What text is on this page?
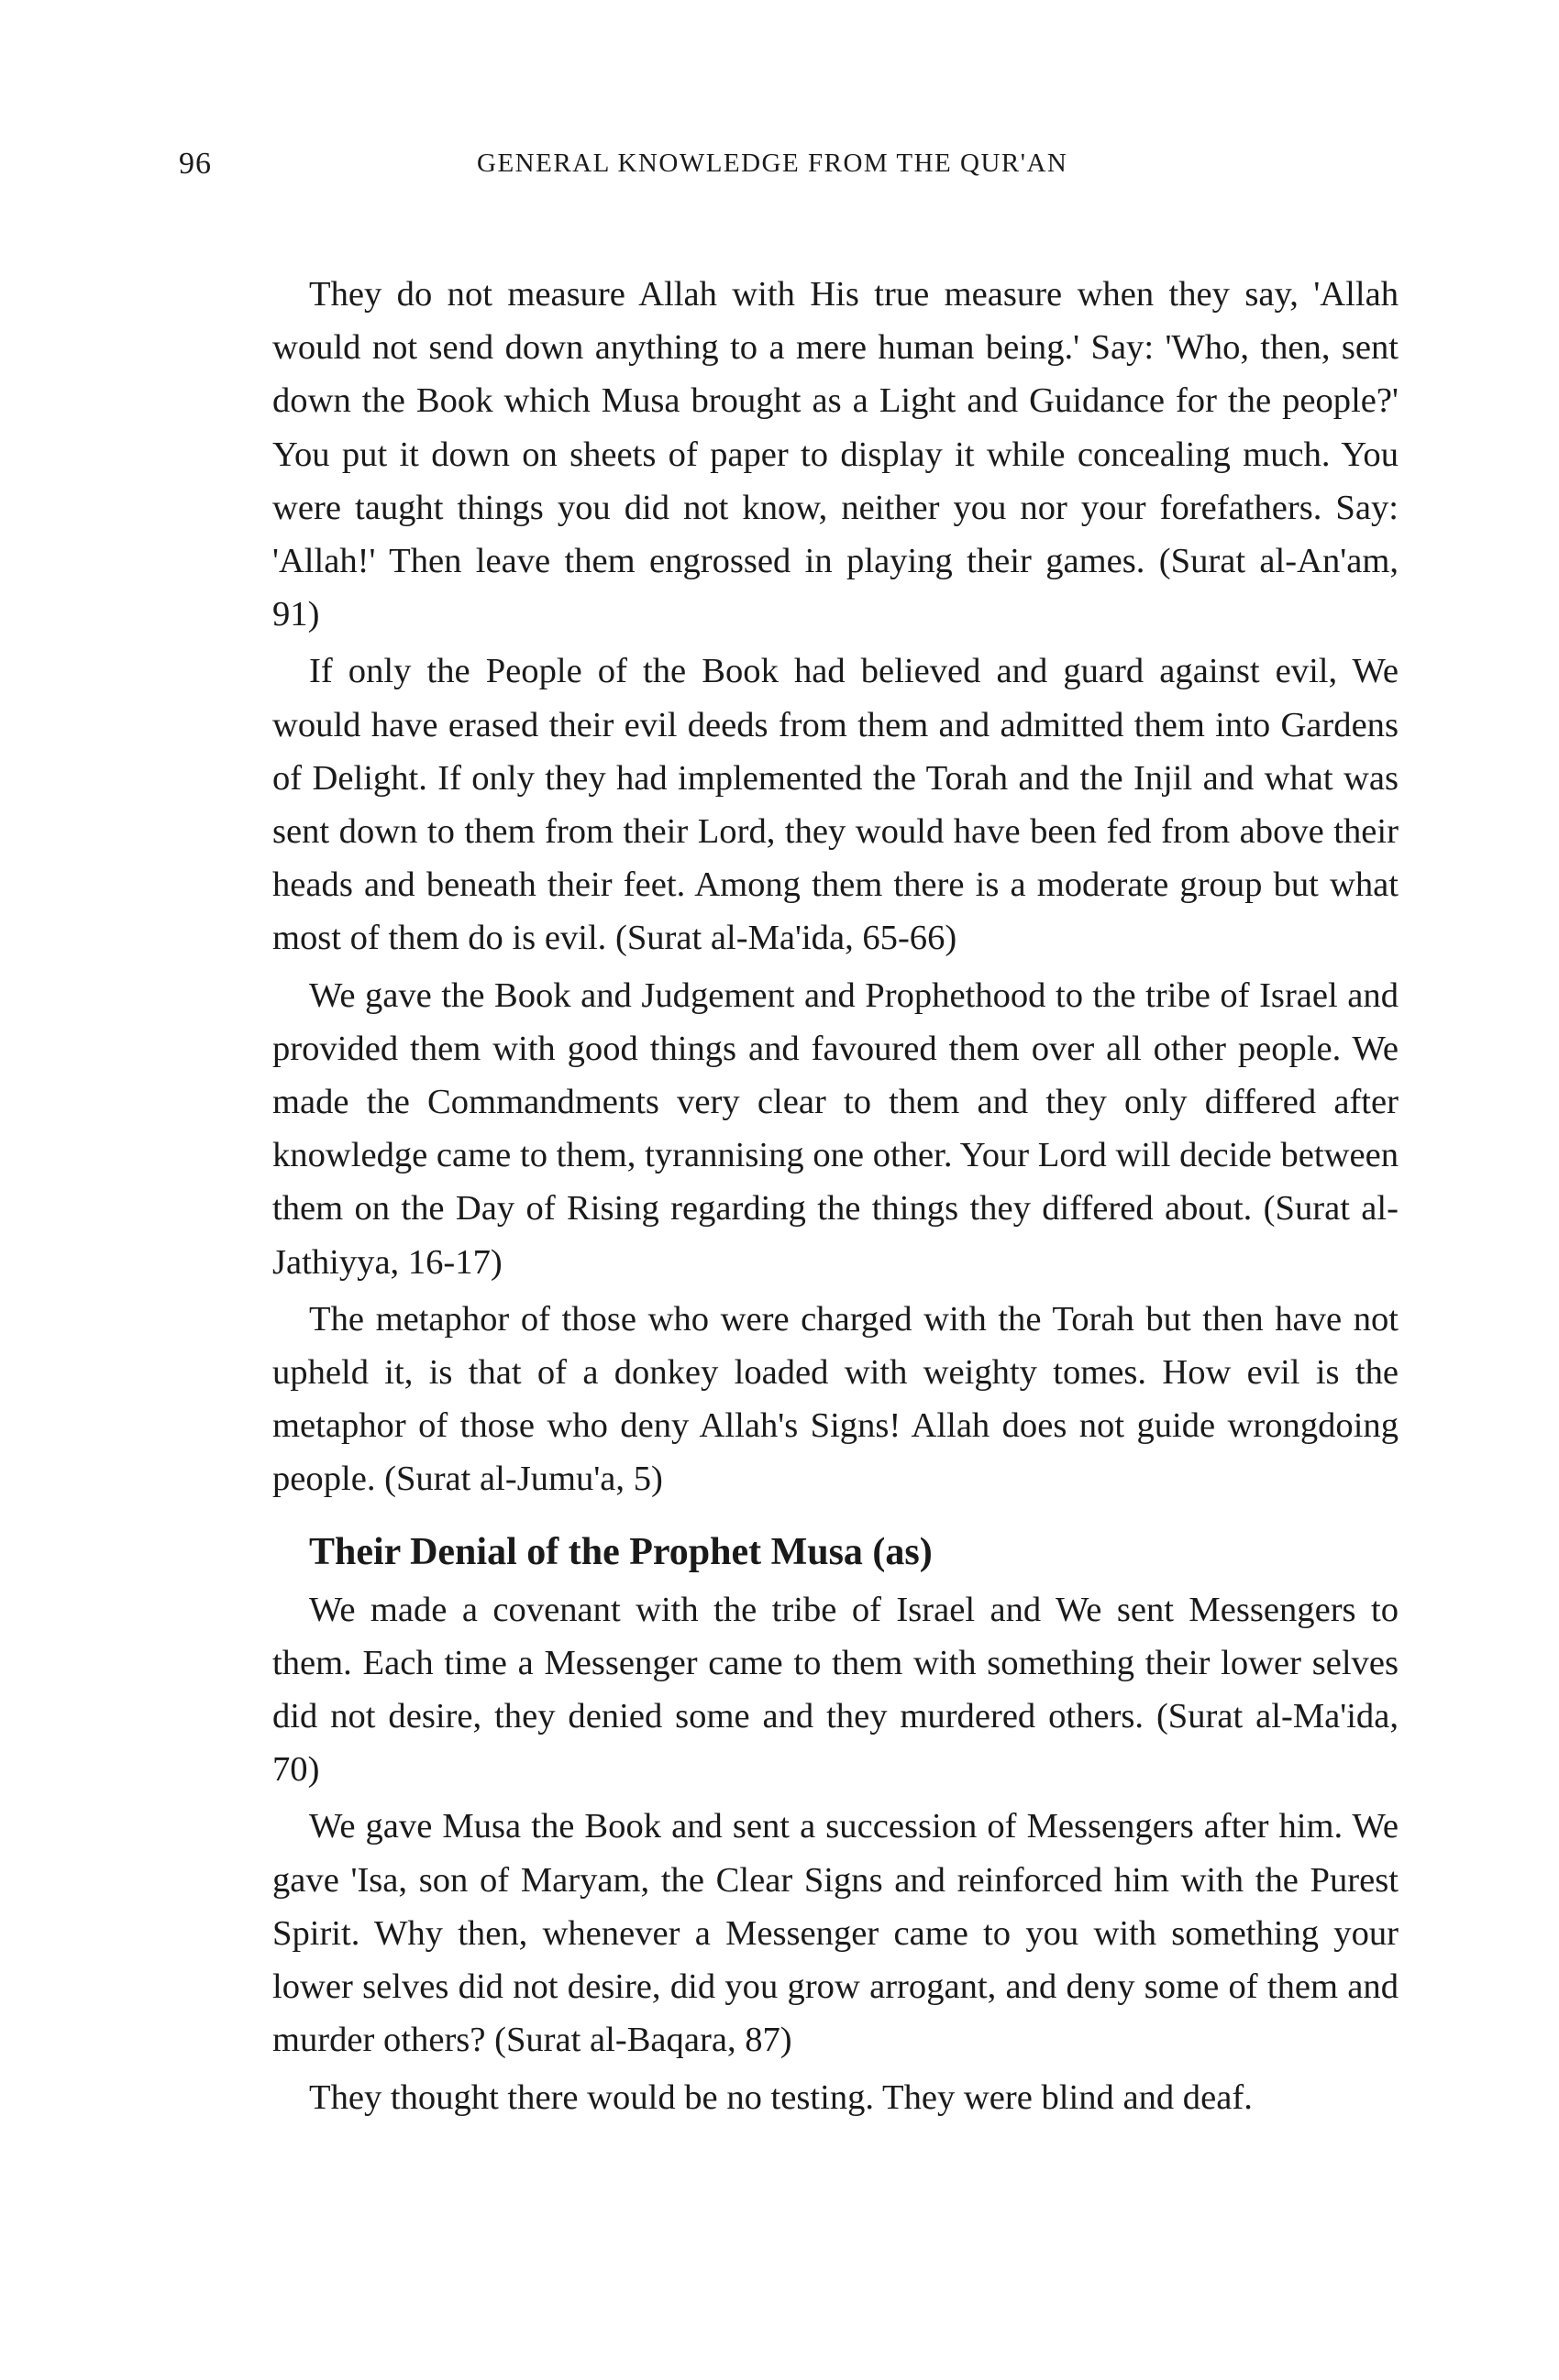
96	GENERAL KNOWLEDGE FROM THE QUR'AN

They do not measure Allah with His true measure when they say, 'Allah would not send down anything to a mere human being.' Say: 'Who, then, sent down the Book which Musa brought as a Light and Guidance for the people?' You put it down on sheets of paper to display it while concealing much. You were taught things you did not know, neither you nor your forefathers. Say: 'Allah!' Then leave them engrossed in playing their games. (Surat al-An'am, 91)

If only the People of the Book had believed and guard against evil, We would have erased their evil deeds from them and admitted them into Gardens of Delight. If only they had implemented the Torah and the Injil and what was sent down to them from their Lord, they would have been fed from above their heads and beneath their feet. Among them there is a moderate group but what most of them do is evil. (Surat al-Ma'ida, 65-66)

We gave the Book and Judgement and Prophethood to the tribe of Israel and provided them with good things and favoured them over all other people. We made the Commandments very clear to them and they only differed after knowledge came to them, tyrannising one other. Your Lord will decide between them on the Day of Rising regarding the things they differed about. (Surat al-Jathiyya, 16-17)

The metaphor of those who were charged with the Torah but then have not upheld it, is that of a donkey loaded with weighty tomes. How evil is the metaphor of those who deny Allah's Signs! Allah does not guide wrongdoing people. (Surat al-Jumu'a, 5)

Their Denial of the Prophet Musa (as)

We made a covenant with the tribe of Israel and We sent Messengers to them. Each time a Messenger came to them with something their lower selves did not desire, they denied some and they murdered others. (Surat al-Ma'ida, 70)

We gave Musa the Book and sent a succession of Messengers after him. We gave 'Isa, son of Maryam, the Clear Signs and reinforced him with the Purest Spirit. Why then, whenever a Messenger came to you with something your lower selves did not desire, did you grow arrogant, and deny some of them and murder others? (Surat al-Baqara, 87)

They thought there would be no testing. They were blind and deaf.
